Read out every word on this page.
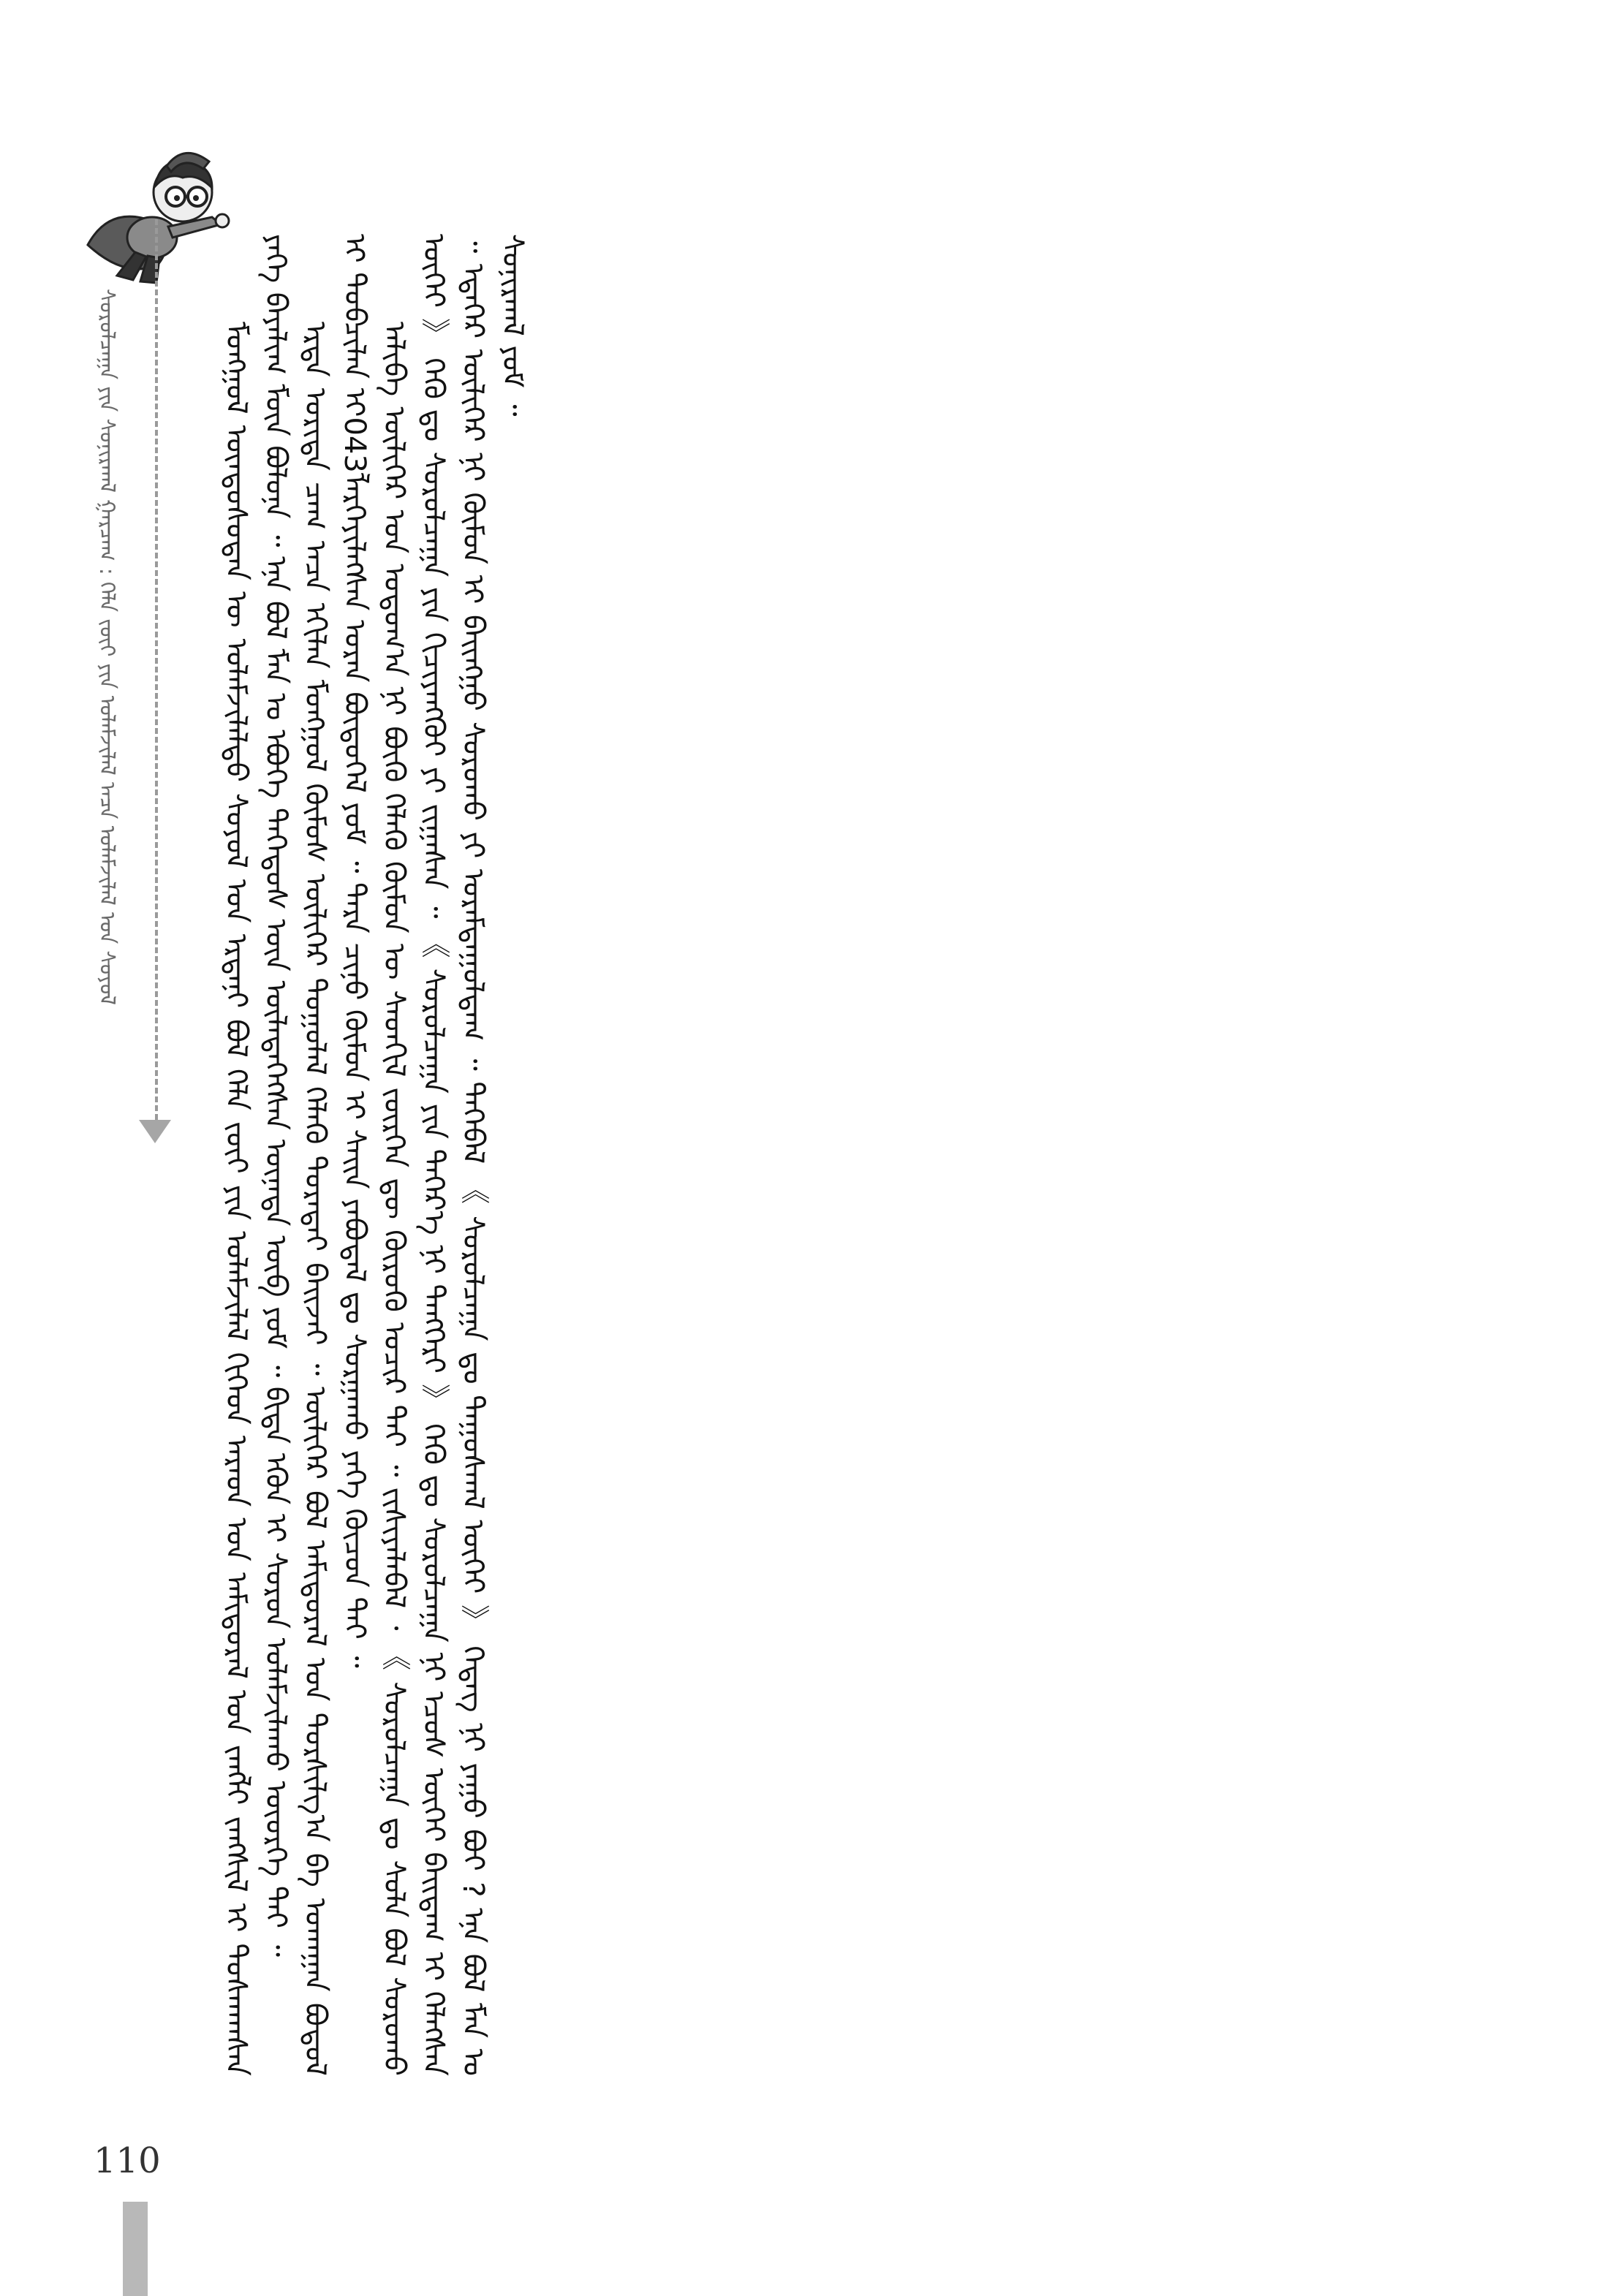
ᠰᠤᠷᠤᠯᠴᠠᠭᠠ ᠶᠢᠨ ᠰᠣᠨᠢᠷᠬᠠᠯ ᠭᠠᠷᠴᠠᠭ : ᠬᠡᠯᠡ ᠵᠦᠢ ᠶᠢᠨ ᠤᠯᠠᠮᠵᠢᠯᠠᠯ ᠠᠴᠠ ᠤᠯᠠᠮᠵᠢᠯᠠᠯ ᠤᠨ ᠰᠣᠶᠣᠯ	ᠮᠣᠩᠭᠣᠯ ᠦᠨᠳᠦᠰᠦᠲᠡᠨ ᠦ ᠤᠯᠠᠮᠵᠢᠯᠠᠯᠲᠤ ᠰᠣᠶᠣᠯ ᠤᠨ ᠡᠷᠳᠡᠨᠢ ᠪᠣᠯ ᠬᠡᠯᠡ ᠵᠦᠢ ᠶᠢᠨ ᠤᠯᠠᠮᠵᠢᠯᠠᠯ ᠬᠢᠭᠡᠳ ᠠᠷᠠᠳ ᠤᠨ ᠠᠮᠢᠳᠤᠷᠠᠯ ᠤᠨ ᠵᠠᠩᠯᠢ ᠵᠠᠩᠰᠢᠯ ᠢ ᠲᠤᠰᠬᠠᠭᠰᠠᠨ ᠶᠡᠬᠡ ᠪᠠᠶᠠᠯᠢᠭ ᠮᠥᠨ ᠪᠣᠯᠤᠨᠠ ᠃ ᠡᠨᠡ ᠪᠣᠯ ᠮᠠᠨ ᠤ ᠡᠪᠦᠭᠡ ᠳᠡᠭᠡᠳᠦᠰ ᠦᠨ ᠦᠯᠡᠳᠡᠭᠡᠭᠰᠡᠨ ᠦᠨᠡᠲᠡ ᠦᠪ ᠶᠤᠮ ᠃ ᠪᠢᠳᠡ ᠡᠭᠦᠨ ᠢ ᠰᠤᠷᠤᠨ ᠤᠯᠠᠮᠵᠢᠯᠠᠬᠤ ᠦᠦᠷᠭᠡ ᠲᠠᠢ ᠃ ᠡᠷᠲᠡ ᠤᠷᠢᠳᠠ ᠴᠠᠭ ᠠᠴᠠ ᠡᠬᠢᠯᠡᠨ ᠮᠣᠩᠭᠣᠯ ᠬᠦᠮᠦᠰ ᠦᠯᠢᠭᠡᠷ ᠳᠤᠭᠤᠯᠠᠯ ᠬᠡᠯᠡᠬᠦ ᠳᠤᠷᠠᠲᠠᠢ ᠪᠠᠢᠵᠡᠢ ᠃ ᠦᠯᠢᠭᠡᠷ ᠪᠣᠯ ᠠᠮᠢᠳᠤᠷᠠᠯ ᠤᠨ ᠲᠤᠷᠰᠢᠯᠭ᠎ᠠ ᠪᠠ ᠤᠬᠠᠭᠠᠨ ᠪᠣᠳᠤᠯ ᠢ ᠲᠣᠪᠴᠢᠯᠠᠨ ᠢ043ᠯᠡᠷᠬᠡᠶᠢᠯᠡᠭᠰᠡᠨ ᠤᠷᠠᠨ ᠪᠦᠲᠦᠭᠡᠯ ᠶᠤᠮ ᠃ ᠲᠡᠷᠡ ᠴᠢᠨᠤ ᠬᠦᠮᠦᠨ ᠢ ᠰᠠᠢᠨ ᠶᠠᠪᠤᠳᠠᠯ ᠳᠤ ᠰᠤᠷᠭᠠᠬᠤ ᠶᠡᠬᠡ ᠬᠦᠴᠦᠨ ᠲᠡᠢ ᠃ ᠠᠯᠢᠪᠠ ᠦᠯᠢᠭᠡᠷ ᠤᠨ ᠤᠲᠤᠭ᠎ᠠ ᠨᠢ ᠪᠦᠬᠦ ᠬᠡᠯᠡᠬᠦ ᠬᠦᠮᠦᠨ ᠦ ᠰᠡᠳᠭᠢᠯ ᠵᠦᠷᠬᠡᠨ ᠳᠦ ᠬᠦᠷᠦᠬᠦ ᠤᠴᠢᠷ ᠲᠠᠢ ᠃ ᠵᠢᠱᠢᠶᠡᠯᠡᠪᠡᠯ ᠂ 《 ᠰᠤᠷᠤᠯᠴᠠᠭᠠ ᠳᠤ ᠰᠤᠯᠠ ᠪᠣᠯ ᠰᠤᠷᠤᠬᠤ ᠦᠭᠡᠢ 》 ᠭᠡᠬᠦ ᠳᠤ ᠰᠤᠷᠤᠯᠴᠠᠭᠠ ᠶᠢᠨ ᠬᠢᠴᠢᠶᠡᠩᠭᠦᠢ ᠶᠢ ᠵᠢᠭᠠᠰᠠᠨ ᠃ 《 ᠰᠤᠷᠤᠯᠴᠠᠭᠠ ᠶᠢᠨ ᠳᠡᠭᠡᠷ᠎ᠡ ᠨᠢ ᠲᠡᠩᠭᠡᠷᠢ 》 ᠭᠡᠬᠦ ᠳᠤ ᠰᠤᠷᠤᠯᠴᠠᠭᠠ ᠨᠢ ᠡᠴᠦᠰ ᠦᠭᠡᠢ ᠪᠠᠢᠳᠠᠭ ᠢ ᠬᠡᠯᠡᠭᠰᠡᠨ ᠃ ᠡᠳᠡᠭᠡᠷ ᠦᠯᠢᠭᠡᠷ ᠨᠢ ᠬᠦᠮᠦᠨ ᠢ ᠪᠠᠢᠩᠭᠤ ᠰᠤᠷᠤᠬᠤ ᠶᠢ ᠤᠷᠠᠮᠳᠠᠭᠤᠯᠳᠠᠭ ᠃ ᠲᠡᠭᠡᠪᠡᠯ 《 ᠰᠤᠷᠤᠯᠴᠠᠭᠠ ᠳᠤ ᠳᠠᠭᠤᠰᠬᠠᠯ ᠦᠭᠡᠢ 》 ᠭᠡᠳᠡᠭ ᠨᠢ ᠶᠠᠭᠤ ᠪᠤᠢ ? ᠡᠨᠡ ᠪᠣᠯ ᠮᠠᠨ ᠤ ᠰᠣᠨᠢᠷᠬᠠᠯ ᠶᠤᠮ ᠃

110
